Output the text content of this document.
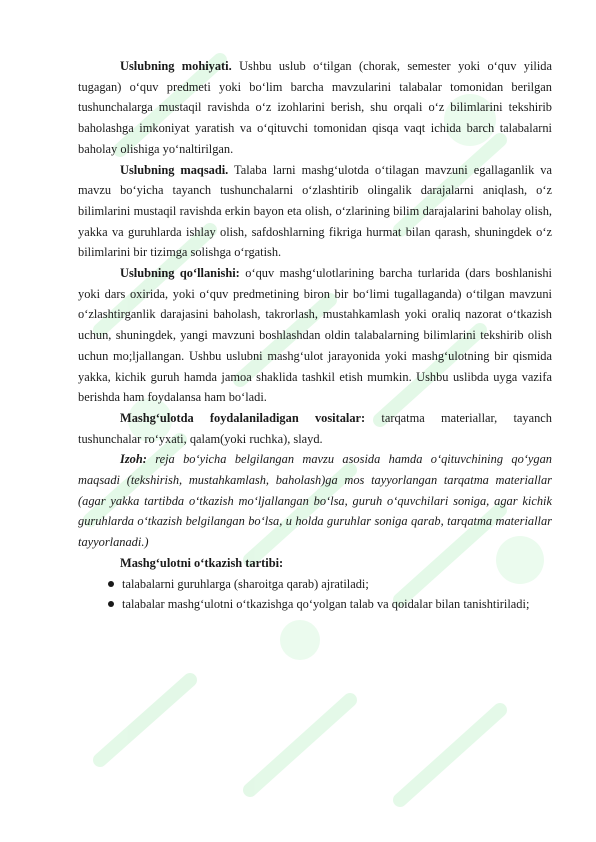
Uslubning mohiyati. Ushbu uslub o‘tilgan (chorak, semester yoki o‘quv yilida tugagan) o‘quv predmeti yoki bo‘lim barcha mavzularini talabalar tomonidan berilgan tushunchalarga mustaqil ravishda o‘z izohlarini berish, shu orqali o‘z bilimlarini tekshirib baholashga imkoniyat yaratish va o‘qituvchi tomonidan qisqa vaqt ichida barch talabalarni baholay olishiga yo‘naltirilgan.

Uslubning maqsadi. Talaba larni mashg‘ulotda o‘tilagan mavzuni egallaganlik va mavzu bo‘yicha tayanch tushunchalarni o‘zlashtirib olingalik darajalarni aniqlash, o‘z bilimlarini mustaqil ravishda erkin bayon eta olish, o‘zlarining bilim darajalarini baholay olish, yakka va guruhlarda ishlay olish, safdoshlarning fikriga hurmat bilan qarash, shuningdek o‘z bilimlarini bir tizimga solishga o‘rgatish.

Uslubning qo‘llanishi: o‘quv mashg‘ulotlarining barcha turlarida (dars boshlanishi yoki dars oxirida, yoki o‘quv predmetining biron bir bo‘limi tugallaganda) o‘tilgan mavzuni o‘zlashtirganlik darajasini baholash, takrorlash, mustahkamlash yoki oraliq nazorat o‘tkazish uchun, shuningdek, yangi mavzuni boshlashdan oldin talabalarning bilimlarini tekshirib olish uchun mo;ljallangan. Ushbu uslubni mashg‘ulot jarayonida yoki mashg‘ulotning bir qismida yakka, kichik guruh hamda jamoa shaklida tashkil etish mumkin. Ushbu uslibda uyga vazifa berishda ham foydalansa ham bo‘ladi.

Mashg‘ulotda foydalaniladigan vositalar: tarqatma materiallar, tayanch tushunchalar ro‘yxati, qalam(yoki ruchka), slayd.

Izoh: reja bo‘yicha belgilangan mavzu asosida hamda o‘qituvchining qo‘ygan maqsadi (tekshirish, mustahkamlash, baholash)ga mos tayyorlangan tarqatma materiallar (agar yakka tartibda o‘tkazish mo‘ljallangan bo‘lsa, guruh o‘quvchilari soniga, agar kichik guruhlarda o‘tkazish belgilangan bo‘lsa, u holda guruhlar soniga qarab, tarqatma materiallar tayyorlanadi.)

Mashg‘ulotni o‘tkazish tartibi:

talabalarni guruhlarga (sharoitga qarab) ajratiladi;

talabalar mashg‘ulotni o‘tkazishga qo‘yolgan talab va qoidalar bilan tanishtiriladi;
